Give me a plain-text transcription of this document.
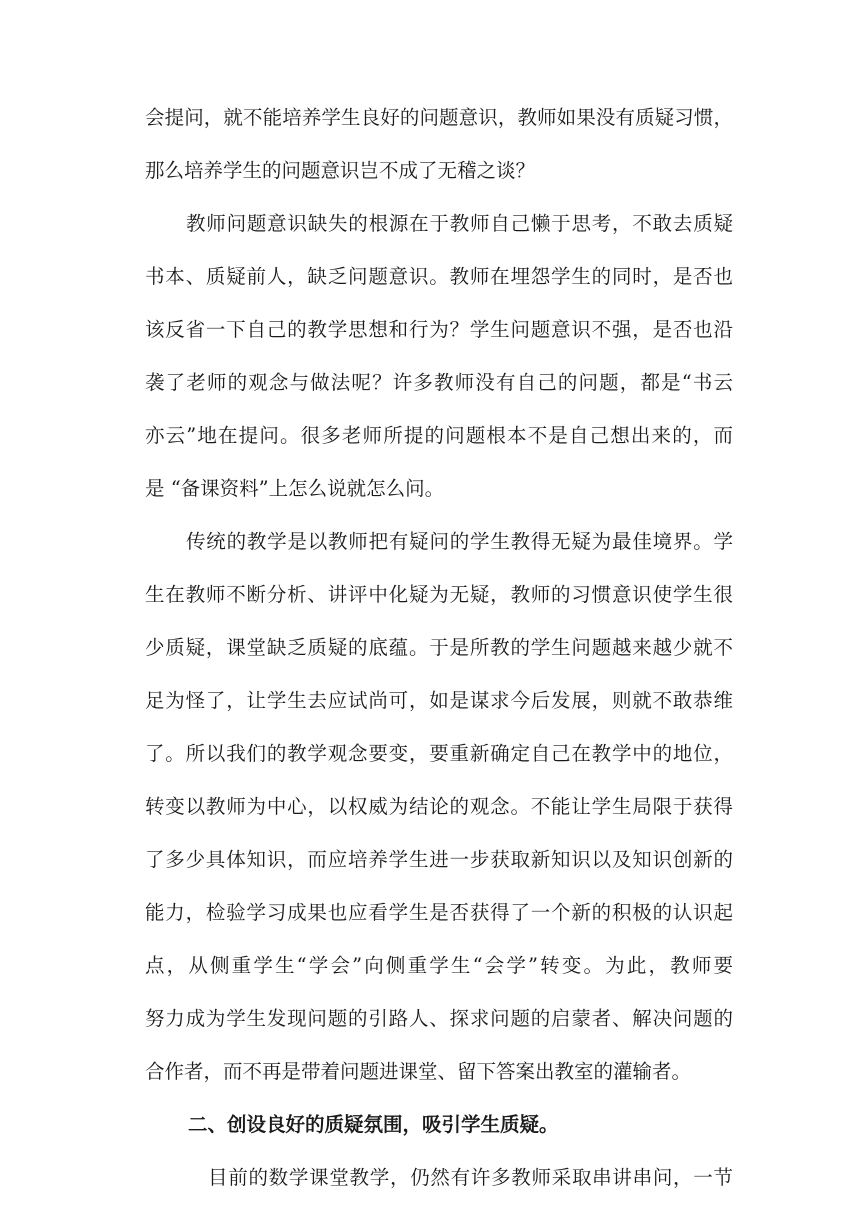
会提问，就不能培养学生良好的问题意识，教师如果没有质疑习惯，
那么培养学生的问题意识岂不成了无稽之谈？
教师问题意识缺失的根源在于教师自己懒于思考，不敢去质疑
书本、质疑前人，缺乏问题意识。教师在埋怨学生的同时，是否也
该反省一下自己的教学思想和行为？学生问题意识不强，是否也沿
袭了老师的观念与做法呢？许多教师没有自己的问题，都是“书云
亦云”地在提问。很多老师所提的问题根本不是自己想出来的，而
是 “备课资料”上怎么说就怎么问。
传统的教学是以教师把有疑问的学生教得无疑为最佳境界。学
生在教师不断分析、讲评中化疑为无疑，教师的习惯意识使学生很
少质疑，课堂缺乏质疑的底蕴。于是所教的学生问题越来越少就不
足为怪了，让学生去应试尚可，如是谋求今后发展，则就不敢恭维
了。所以我们的教学观念要变，要重新确定自己在教学中的地位，
转变以教师为中心，以权威为结论的观念。不能让学生局限于获得
了多少具体知识，而应培养学生进一步获取新知识以及知识创新的
能力，检验学习成果也应看学生是否获得了一个新的积极的认识起
点，从侧重学生“学会”向侧重学生“会学”转变。为此，教师要
努力成为学生发现问题的引路人、探求问题的启蒙者、解决问题的
合作者，而不再是带着问题进课堂、留下答案出教室的灌输者。
二、创设良好的质疑氛围，吸引学生质疑。
目前的数学课堂教学，仍然有许多教师采取串讲串问，一节
